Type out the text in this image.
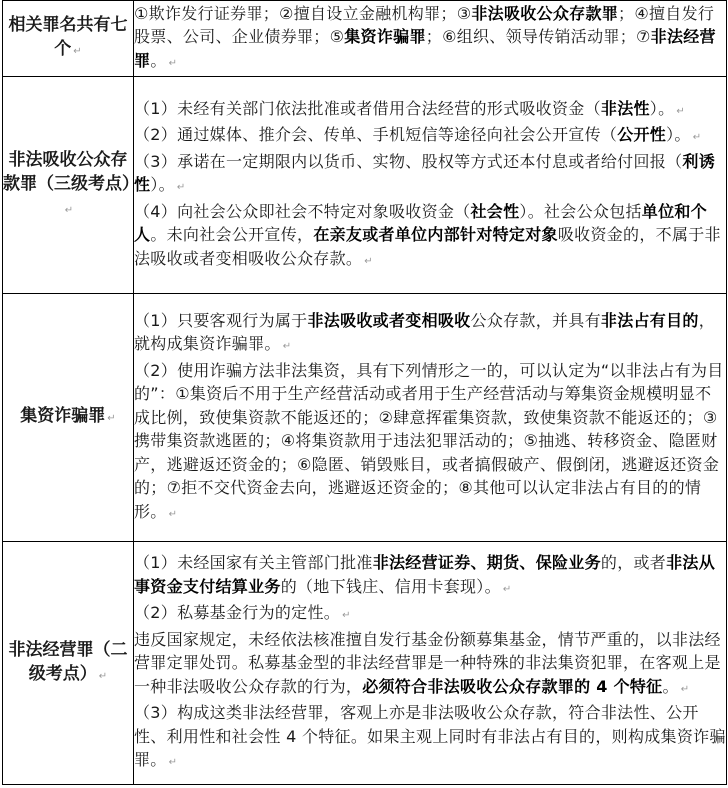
相关罪名共有七个 ↵	①欺诈发行证券罪；②擅自设立金融机构罪；③非法吸收公众存款罪；④擅自发行股票、公司、企业债券罪；⑤集资诈骗罪；⑥组织、领导传销活动罪；⑦非法经营罪。 ↵

非法吸收公众存款罪（三级考点）↵	（1）未经有关部门依法批准或者借用合法经营的形式吸收资金（非法性）。 ↵

（2）通过媒体、推介会、传单、手机短信等途径向社会公开宣传（公开性）。 ↵

（3）承诺在一定期限内以货币、实物、股权等方式还本付息或者给付回报（利诱性）。 ↵

（4）向社会公众即社会不特定对象吸收资金（社会性）。社会公众包括单位和个人。未向社会公开宣传，在亲友或者单位内部针对特定对象吸收资金的，不属于非法吸收或者变相吸收公众存款。 ↵

集资诈骗罪 ↵	（1）只要客观行为属于非法吸收或者变相吸收公众存款，并具有非法占有目的，就构成集资诈骗罪。 ↵

（2）使用诈骗方法非法集资，具有下列情形之一的，可以认定为“以非法占有为目的”：①集资后不用于生产经营活动或者用于生产经营活动与筹集资金规模明显不成比例，致使集资款不能返还的；②肆意挥霍集资款，致使集资款不能返还的；③携带集资款逃匿的；④将集资款用于违法犯罪活动的；⑤抽逃、转移资金、隐匿财产，逃避返还资金的；⑥隐匿、销毁账目，或者搞假破产、假倒闭，逃避返还资金的；⑦拒不交代资金去向，逃避返还资金的；⑧其他可以认定非法占有目的的情形。 ↵

非法经营罪（二级考点） ↵	（1）未经国家有关主管部门批准非法经营证券、期货、保险业务的，或者非法从事资金支付结算业务的（地下钱庄、信用卡套现）。 ↵

（2）私募基金行为的定性。 ↵

违反国家规定，未经依法核准擅自发行基金份额募集基金，情节严重的，以非法经营罪定罪处罚。私募基金型的非法经营罪是一种特殊的非法集资犯罪，在客观上是一种非法吸收公众存款的行为，必须符合非法吸收公众存款罪的 4 个特征。 ↵

（3）构成这类非法经营罪，客观上亦是非法吸收公众存款，符合非法性、公开性、利用性和社会性 4 个特征。如果主观上同时有非法占有目的，则构成集资诈骗罪。 ↵
